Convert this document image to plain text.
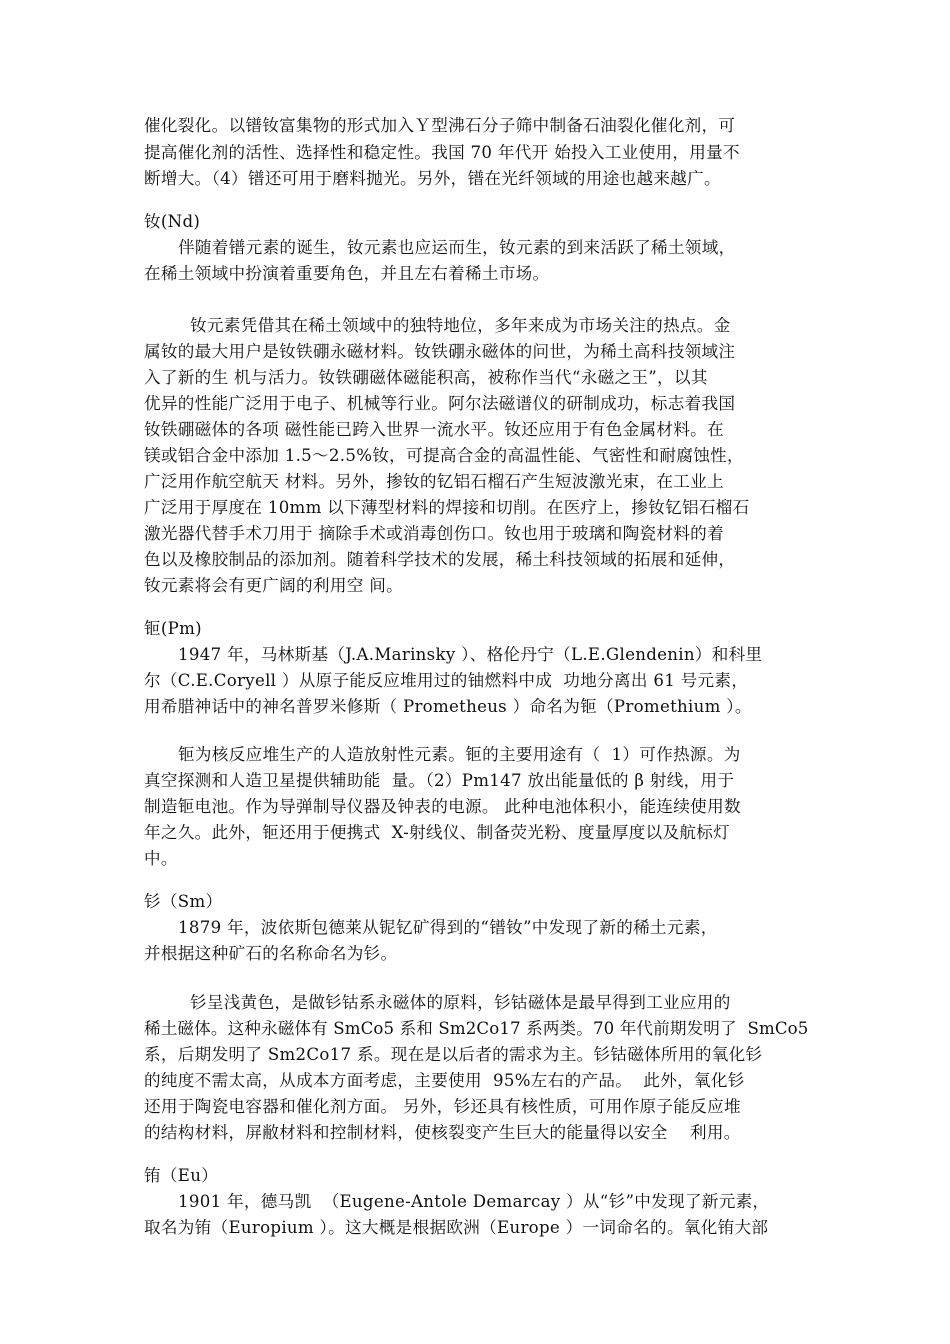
催化裂化。以镨钕富集物的形式加入Ｙ型沸石分子筛中制备石油裂化催化剂，可
提高催化剂的活性、选择性和稳定性。我国 70 年代开 始投入工业使用，用量不
断增大。（4）镨还可用于磨料抛光。另外，镨在光纤领域的用途也越来越广。
钕(Nd)
伴随着镨元素的诞生，钕元素也应运而生，钕元素的到来活跃了稀土领域，
在稀土领域中扮演着重要角色，并且左右着稀土市场。
钕元素凭借其在稀土领域中的独特地位，多年来成为市场关注的热点。金
属钕的最大用户是钕铁硼永磁材料。钕铁硼永磁体的问世，为稀土高科技领域注
入了新的生 机与活力。钕铁硼磁体磁能积高，被称作当代“永磁之王”，以其
优异的性能广泛用于电子、机械等行业。阿尔法磁谱仪的研制成功，标志着我国
钕铁硼磁体的各项 磁性能已跨入世界一流水平。钕还应用于有色金属材料。在
镁或铝合金中添加 1.5～2.5%钕，可提高合金的高温性能、气密性和耐腐蚀性，
广泛用作航空航天 材料。另外，掺钕的钇铝石榴石产生短波激光束，在工业上
广泛用于厚度在 10mm 以下薄型材料的焊接和切削。在医疗上，掺钕钇铝石榴石
激光器代替手术刀用于 摘除手术或消毒创伤口。钕也用于玻璃和陶瓷材料的着
色以及橡胶制品的添加剂。随着科学技术的发展，稀土科技领域的拓展和延伸，
钕元素将会有更广阔的利用空 间。
钷(Pm)
1947 年，马林斯基（J.A.Marinsky ）、格伦丹宁（L.E.Glendenin）和科里
尔（C.E.Coryell ）从原子能反应堆用过的铀燃料中成  功地分离出 61 号元素，
用希腊神话中的神名普罗米修斯（ Prometheus ）命名为钷（Promethium ）。
钷为核反应堆生产的人造放射性元素。钷的主要用途有（  1）可作热源。为
真空探测和人造卫星提供辅助能  量。（2）Pm147 放出能量低的 β 射线，用于
制造钷电池。作为导弹制导仪器及钟表的电源。 此种电池体积小，能连续使用数
年之久。此外，钷还用于便携式  X-射线仪、制备荧光粉、度量厚度以及航标灯
中。
钐（Sm）
1879 年，波依斯包德莱从铌钇矿得到的“镨钕”中发现了新的稀土元素，
并根据这种矿石的名称命名为钐。
钐呈浅黄色，是做钐钴系永磁体的原料，钐钴磁体是最早得到工业应用的
稀土磁体。这种永磁体有 SmCo5 系和 Sm2Co17 系两类。70 年代前期发明了  SmCo5
系，后期发明了 Sm2Co17 系。现在是以后者的需求为主。钐钴磁体所用的氧化钐
的纯度不需太高，从成本方面考虑，主要使用  95%左右的产品。  此外，氧化钐
还用于陶瓷电容器和催化剂方面。 另外，钐还具有核性质，可用作原子能反应堆
的结构材料，屏敝材料和控制材料，使核裂变产生巨大的能量得以安全    利用。
铕（Eu）
1901 年，德马凯  （Eugene-Antole Demarcay ）从“钐”中发现了新元素，
取名为铕（Europium ）。这大概是根据欧洲（Europe ）一词命名的。氧化铕大部
